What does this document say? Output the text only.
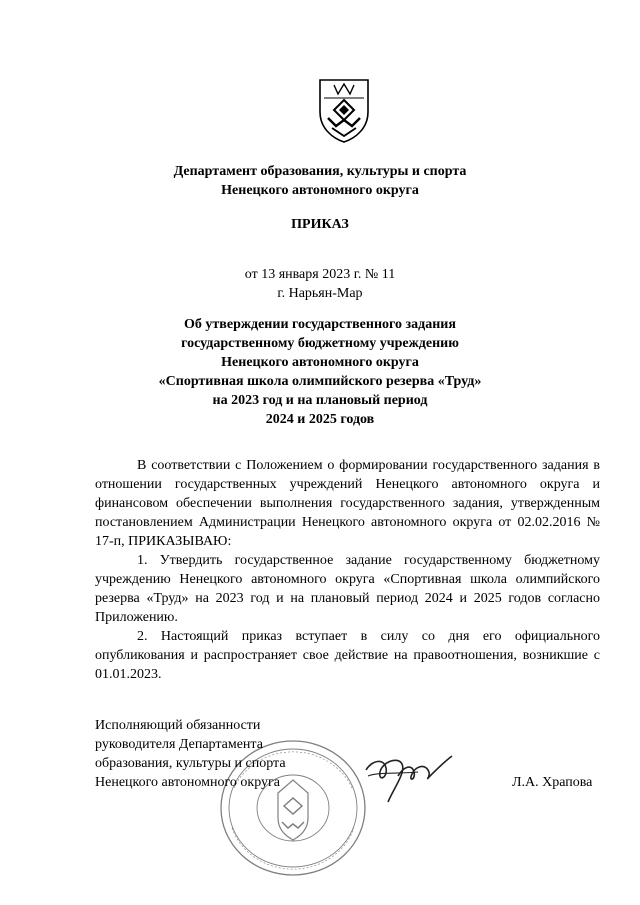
Департамент образования, культуры и спорта
Ненецкого автономного округа
ПРИКАЗ
от 13 января 2023 г. № 11
г. Нарьян-Мар
Об утверждении государственного задания
государственному бюджетному учреждению
Ненецкого автономного округа
«Спортивная школа олимпийского резерва «Труд»
на 2023 год и на плановый период
2024 и 2025 годов

В соответствии с Положением о формировании государственного задания в отношении государственных учреждений Ненецкого автономного округа и финансовом обеспечении выполнения государственного задания, утвержденным постановлением Администрации Ненецкого автономного округа от 02.02.2016 № 17-п, ПРИКАЗЫВАЮ:

1. Утвердить государственное задание государственному бюджетному учреждению Ненецкого автономного округа «Спортивная школа олимпийского резерва «Труд» на 2023 год и на плановый период 2024 и 2025 годов согласно Приложению.

2. Настоящий приказ вступает в силу со дня его официального опубликования и распространяет свое действие на правоотношения, возникшие с 01.01.2023.

Исполняющий обязанности
руководителя Департамента
образования, культуры и спорта
Ненецкого автономного округа	Л.А. Храпова
